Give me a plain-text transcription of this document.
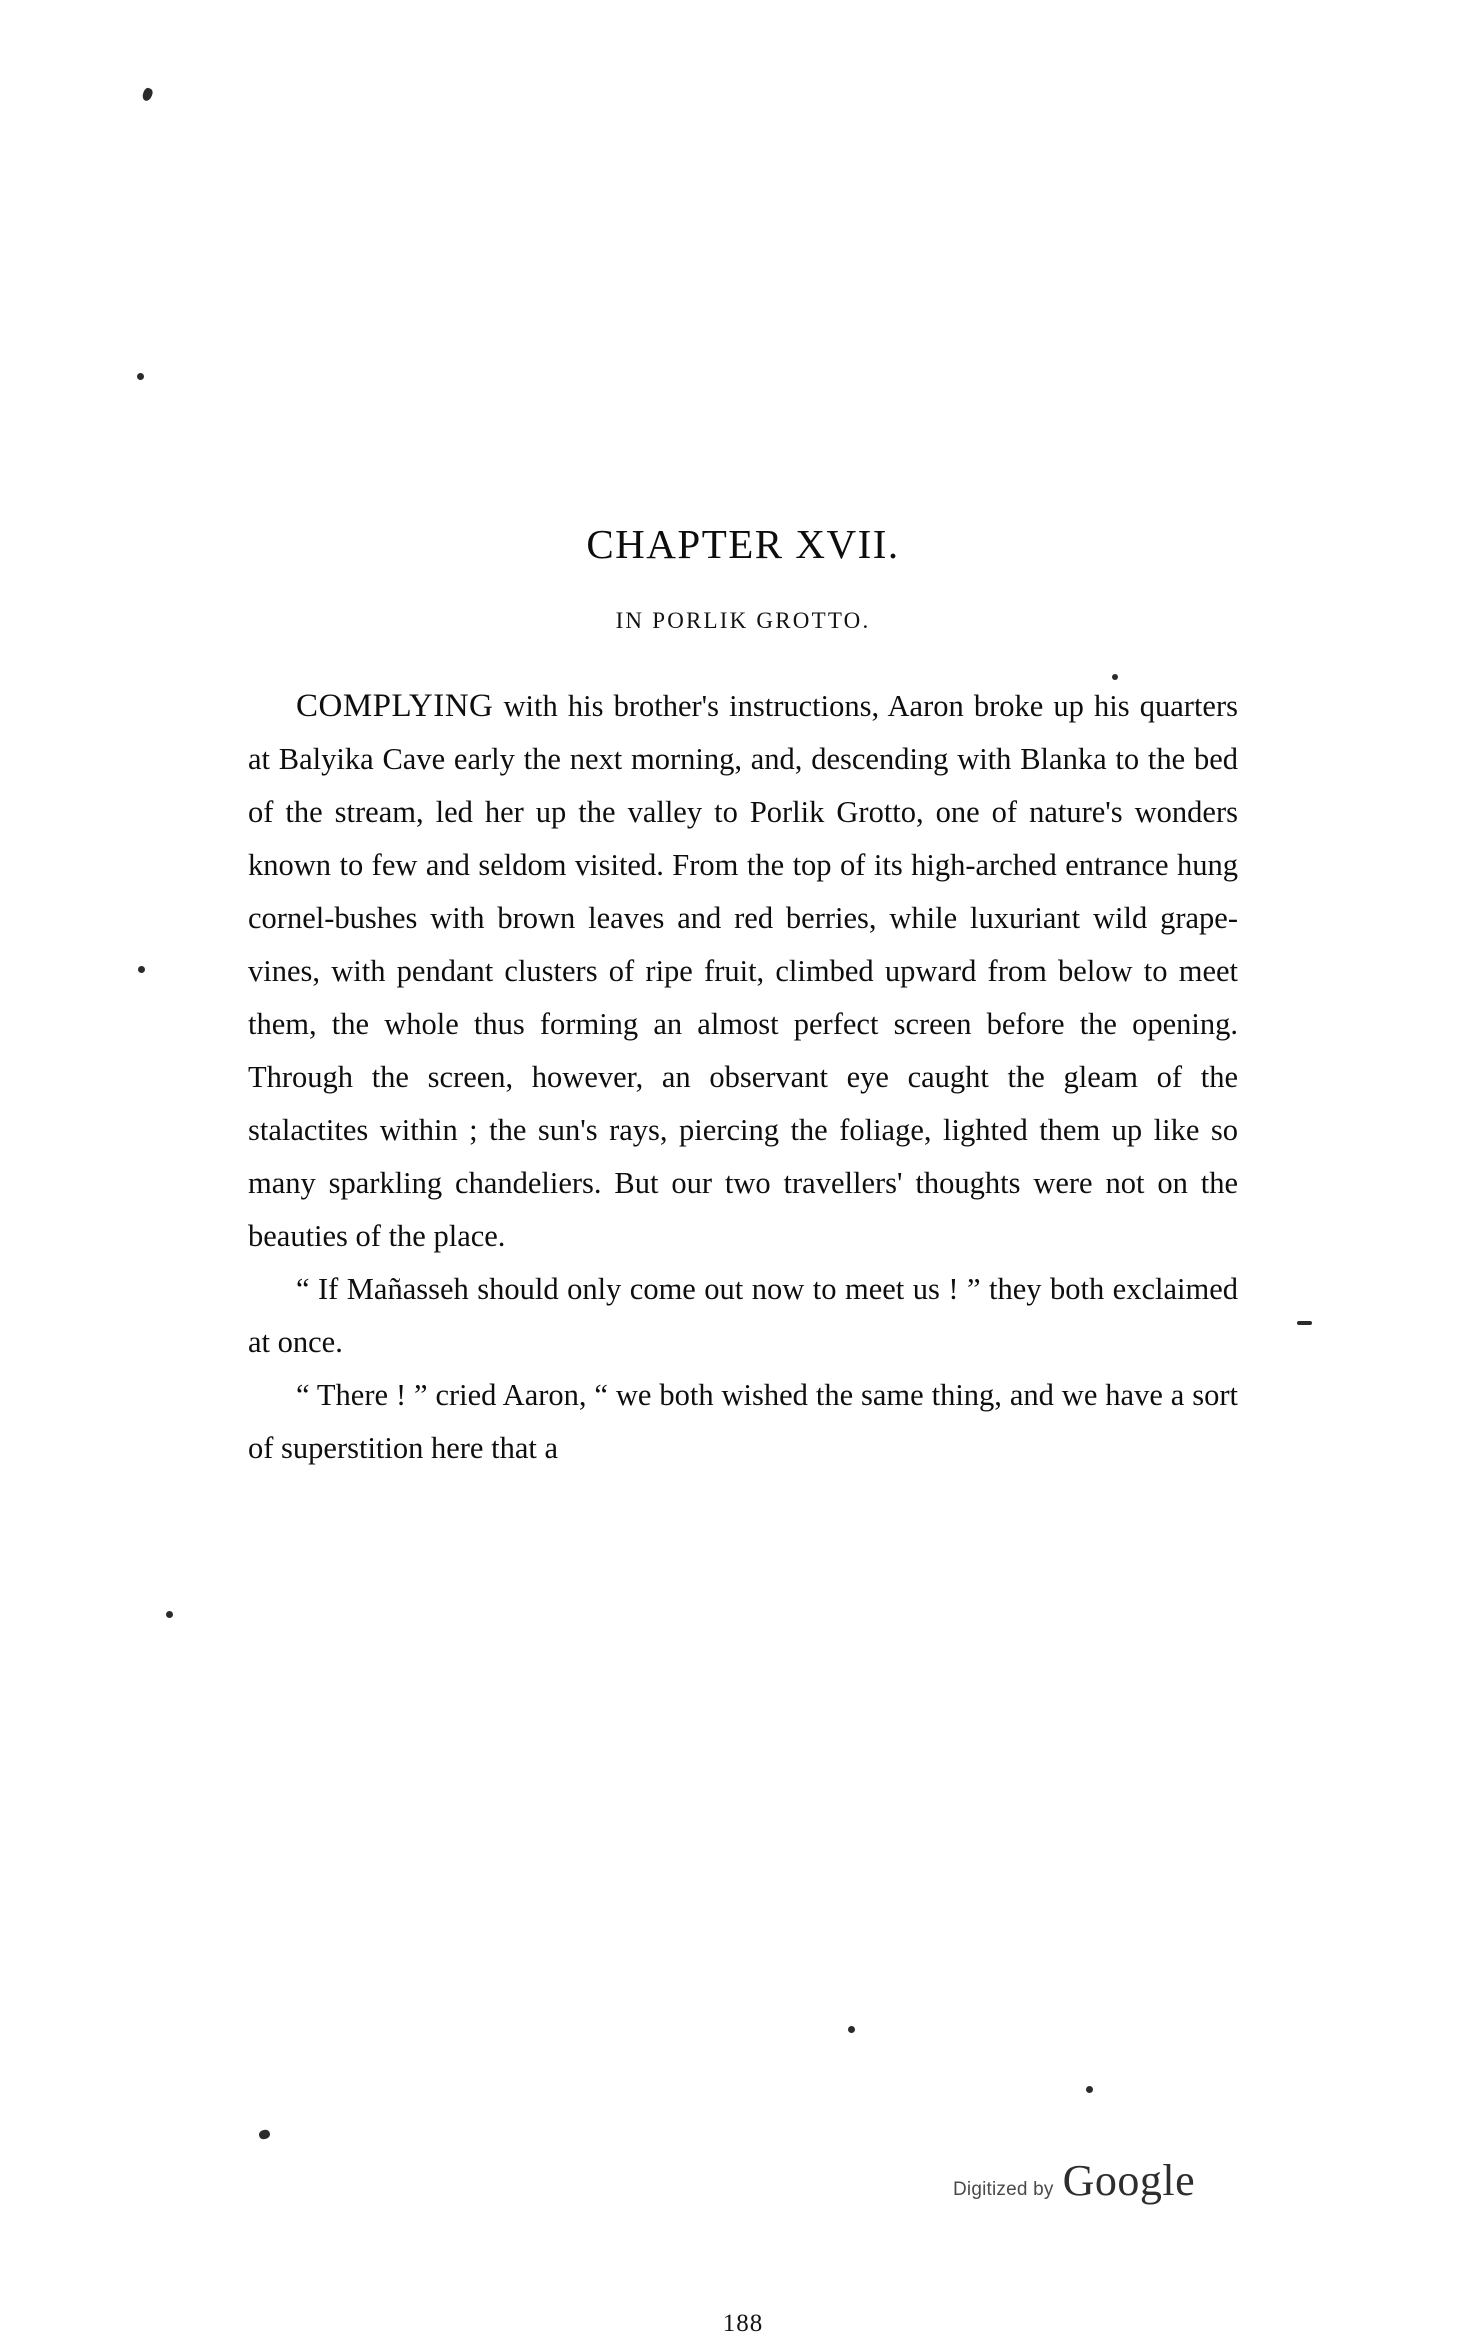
CHAPTER XVII.
IN PORLIK GROTTO.

COMPLYING with his brother's instructions, Aaron broke up his quarters at Balyika Cave early the next morning, and, descending with Blanka to the bed of the stream, led her up the valley to Porlik Grotto, one of nature's wonders known to few and seldom visited. From the top of its high-arched entrance hung cornel-bushes with brown leaves and red berries, while luxuriant wild grape-vines, with pendant clusters of ripe fruit, climbed upward from below to meet them, the whole thus forming an almost perfect screen before the opening. Through the screen, however, an observant eye caught the gleam of the stalactites within ; the sun's rays, piercing the foliage, lighted them up like so many sparkling chandeliers. But our two travellers' thoughts were not on the beauties of the place.

“ If Mañasseh should only come out now to meet us ! ” they both exclaimed at once.

“ There ! ” cried Aaron, “ we both wished the same thing, and we have a sort of superstition here that a

188
Digitized by Google
